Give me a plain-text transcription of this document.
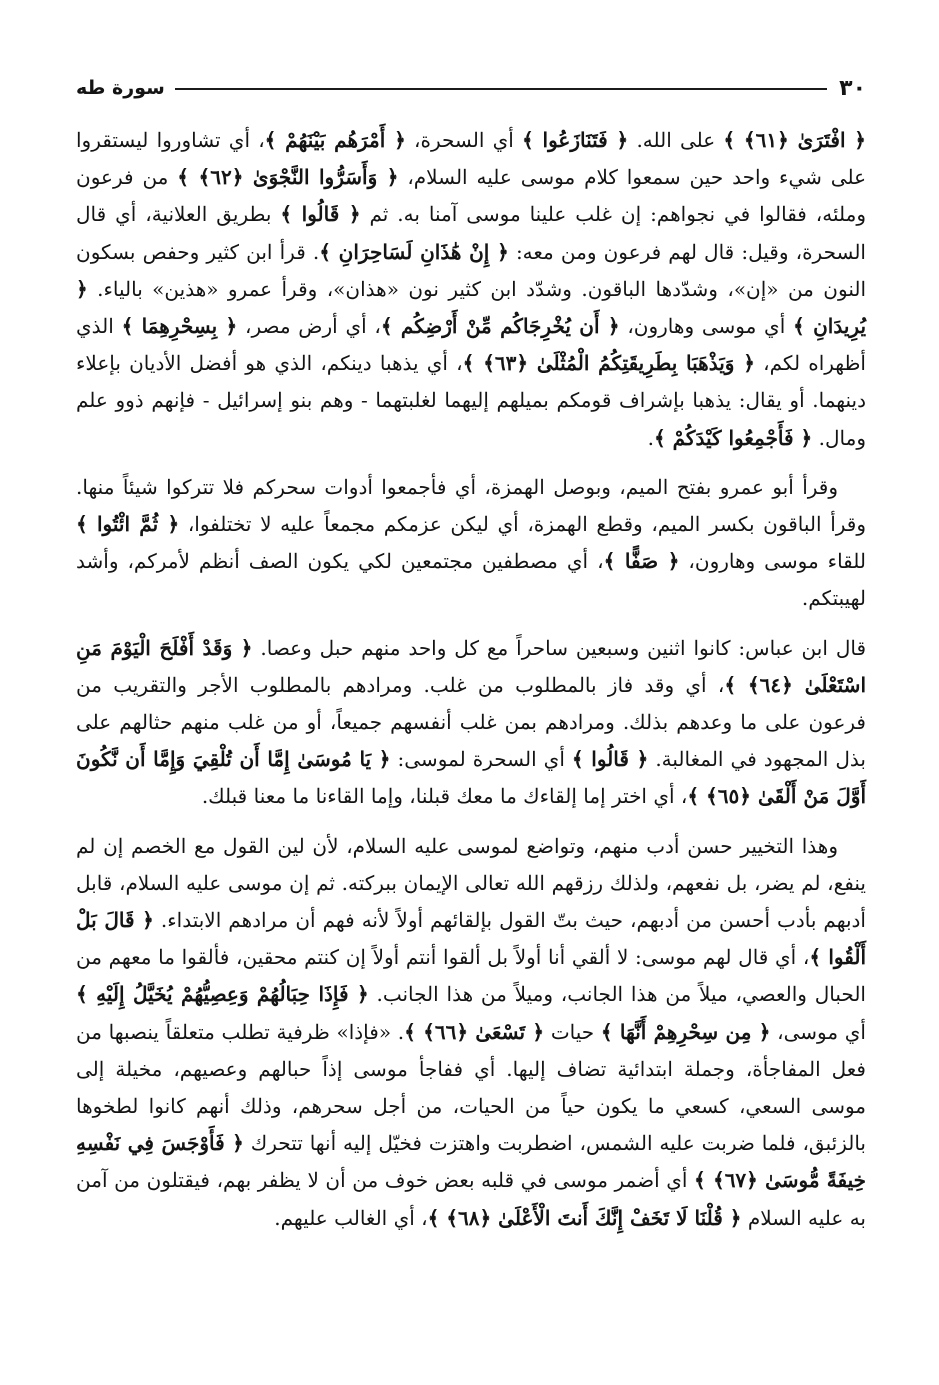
٣٠
سورة طه

﴿ افْتَرَىٰ ﴿٦١﴾ ﴾ على الله. ﴿ فَتَنَازَعُوا ﴾ أي السحرة، ﴿ أَمْرَهُم بَيْنَهُمْ ﴾، أي تشاوروا ليستقروا على شيء واحد حين سمعوا كلام موسى عليه السلام، ﴿ وَأَسَرُّوا النَّجْوَىٰ ﴿٦٢﴾ ﴾ من فرعون وملئه، فقالوا في نجواهم: إن غلب علينا موسى آمنا به. ثم ﴿ قَالُوا ﴾ بطريق العلانية، أي قال السحرة، وقيل: قال لهم فرعون ومن معه: ﴿ إِنْ هَٰذَانِ لَسَاحِرَانِ ﴾. قرأ ابن كثير وحفص بسكون النون من «إن»، وشدّدها الباقون. وشدّد ابن كثير نون «هذان»، وقرأ عمرو «هذين» بالياء. ﴿ يُرِيدَانِ ﴾ أي موسى وهارون، ﴿ أَن يُخْرِجَاكُم مِّنْ أَرْضِكُم ﴾، أي أرض مصر، ﴿ بِسِحْرِهِمَا ﴾ الذي أظهراه لكم، ﴿ وَيَذْهَبَا بِطَرِيقَتِكُمُ الْمُثْلَىٰ ﴿٦٣﴾ ﴾، أي يذهبا دينكم، الذي هو أفضل الأديان بإعلاء دينهما. أو يقال: يذهبا بإشراف قومكم بميلهم إليهما لغلبتهما - وهم بنو إسرائيل - فإنهم ذوو علم ومال. ﴿ فَأَجْمِعُوا كَيْدَكُمْ ﴾.

وقرأ أبو عمرو بفتح الميم، وبوصل الهمزة، أي فأجمعوا أدوات سحركم فلا تتركوا شيئاً منها. وقرأ الباقون بكسر الميم، وقطع الهمزة، أي ليكن عزمكم مجمعاً عليه لا تختلفوا، ﴿ ثُمَّ ائْتُوا ﴾ للقاء موسى وهارون، ﴿ صَفًّا ﴾، أي مصطفين مجتمعين لكي يكون الصف أنظم لأمركم، وأشد لهيبتكم.

قال ابن عباس: كانوا اثنين وسبعين ساحراً مع كل واحد منهم حبل وعصا. ﴿ وَقَدْ أَفْلَحَ الْيَوْمَ مَنِ اسْتَعْلَىٰ ﴿٦٤﴾ ﴾، أي وقد فاز بالمطلوب من غلب. ومرادهم بالمطلوب الأجر والتقريب من فرعون على ما وعدهم بذلك. ومرادهم بمن غلب أنفسهم جميعاً، أو من غلب منهم حثالهم على بذل المجهود في المغالبة. ﴿ قَالُوا ﴾ أي السحرة لموسى: ﴿ يَا مُوسَىٰ إِمَّا أَن تُلْقِيَ وَإِمَّا أَن نَّكُونَ أَوَّلَ مَنْ أَلْقَىٰ ﴿٦٥﴾ ﴾، أي اختر إما إلقاءك ما معك قبلنا، وإما القاءنا ما معنا قبلك.

وهذا التخيير حسن أدب منهم، وتواضع لموسى عليه السلام، لأن لين القول مع الخصم إن لم ينفع، لم يضر، بل نفعهم، ولذلك رزقهم الله تعالى الإيمان ببركته. ثم إن موسى عليه السلام، قابل أدبهم بأدب أحسن من أدبهم، حيث بتّ القول بإلقائهم أولاً لأنه فهم أن مرادهم الابتداء. ﴿ قَالَ بَلْ أَلْقُوا ﴾، أي قال لهم موسى: لا ألقي أنا أولاً بل ألقوا أنتم أولاً إن كنتم محقين، فألقوا ما معهم من الحبال والعصي، ميلاً من هذا الجانب، وميلاً من هذا الجانب. ﴿ فَإِذَا حِبَالُهُمْ وَعِصِيُّهُمْ يُخَيَّلُ إِلَيْهِ ﴾ أي موسى، ﴿ مِن سِحْرِهِمْ أَنَّهَا ﴾ حيات ﴿ تَسْعَىٰ ﴿٦٦﴾ ﴾. «فإذا» ظرفية تطلب متعلقاً ينصبها من فعل المفاجأة، وجملة ابتدائية تضاف إليها. أي ففاجأ موسى إذاً حبالهم وعصيهم، مخيلة إلى موسى السعي، كسعي ما يكون حياً من الحيات، من أجل سحرهم، وذلك أنهم كانوا لطخوها بالزئبق، فلما ضربت عليه الشمس، اضطربت واهتزت فخيّل إليه أنها تتحرك ﴿ فَأَوْجَسَ فِي نَفْسِهِ خِيفَةً مُّوسَىٰ ﴿٦٧﴾ ﴾ أي أضمر موسى في قلبه بعض خوف من أن لا يظفر بهم، فيقتلون من آمن به عليه السلام ﴿ قُلْنَا لَا تَخَفْ إِنَّكَ أَنتَ الْأَعْلَىٰ ﴿٦٨﴾ ﴾، أي الغالب عليهم.
